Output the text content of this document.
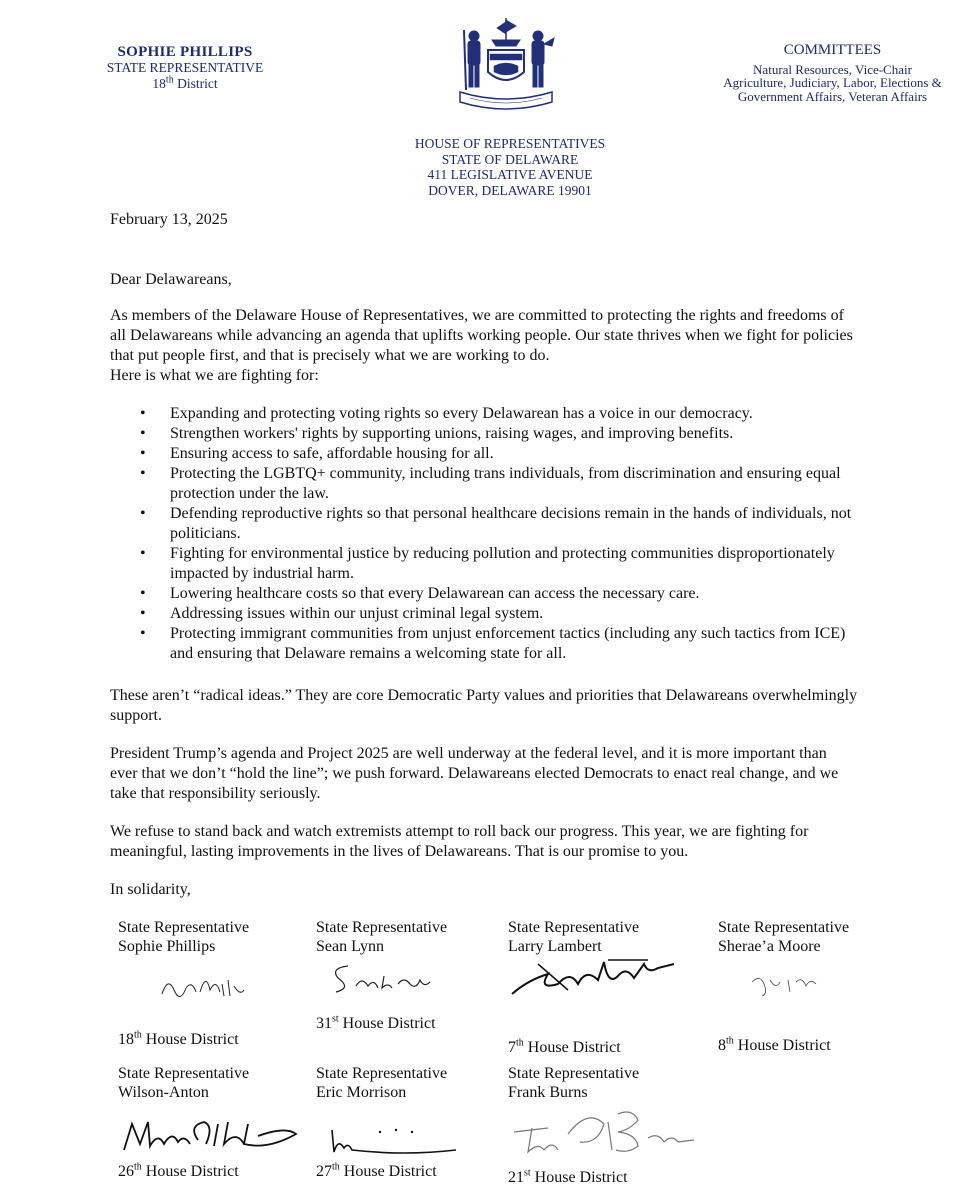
SOPHIE PHILLIPS
STATE REPRESENTATIVE
18th District
COMMITTEES
Natural Resources, Vice-Chair
Agriculture, Judiciary, Labor, Elections &
Government Affairs, Veteran Affairs
HOUSE OF REPRESENTATIVES
STATE OF DELAWARE
411 LEGISLATIVE AVENUE
DOVER, DELAWARE 19901
February 13, 2025
Dear Delawareans,
As members of the Delaware House of Representatives, we are committed to protecting the rights and freedoms of
all Delawareans while advancing an agenda that uplifts working people. Our state thrives when we fight for policies
that put people first, and that is precisely what we are working to do.
Here is what we are fighting for:
• Expanding and protecting voting rights so every Delawarean has a voice in our democracy.
• Strengthen workers' rights by supporting unions, raising wages, and improving benefits.
• Ensuring access to safe, affordable housing for all.
• Protecting the LGBTQ+ community, including trans individuals, from discrimination and ensuring equal
protection under the law.
• Defending reproductive rights so that personal healthcare decisions remain in the hands of individuals, not
politicians.
• Fighting for environmental justice by reducing pollution and protecting communities disproportionately
impacted by industrial harm.
• Lowering healthcare costs so that every Delawarean can access the necessary care.
• Addressing issues within our unjust criminal legal system.
• Protecting immigrant communities from unjust enforcement tactics (including any such tactics from ICE)
and ensuring that Delaware remains a welcoming state for all.
These aren’t “radical ideas.” They are core Democratic Party values and priorities that Delawareans overwhelmingly
support.
President Trump’s agenda and Project 2025 are well underway at the federal level, and it is more important than
ever that we don’t “hold the line”; we push forward. Delawareans elected Democrats to enact real change, and we
take that responsibility seriously.
We refuse to stand back and watch extremists attempt to roll back our progress. This year, we are fighting for
meaningful, lasting improvements in the lives of Delawareans. That is our promise to you.
In solidarity,
State Representative
Sophie Phillips
18th House District
State Representative
Sean Lynn
31st House District
State Representative
Larry Lambert
7th House District
State Representative
Sherae’a Moore
8th House District
State Representative
Wilson-Anton
26th House District
State Representative
Eric Morrison
27th House District
State Representative
Frank Burns
21st House District
